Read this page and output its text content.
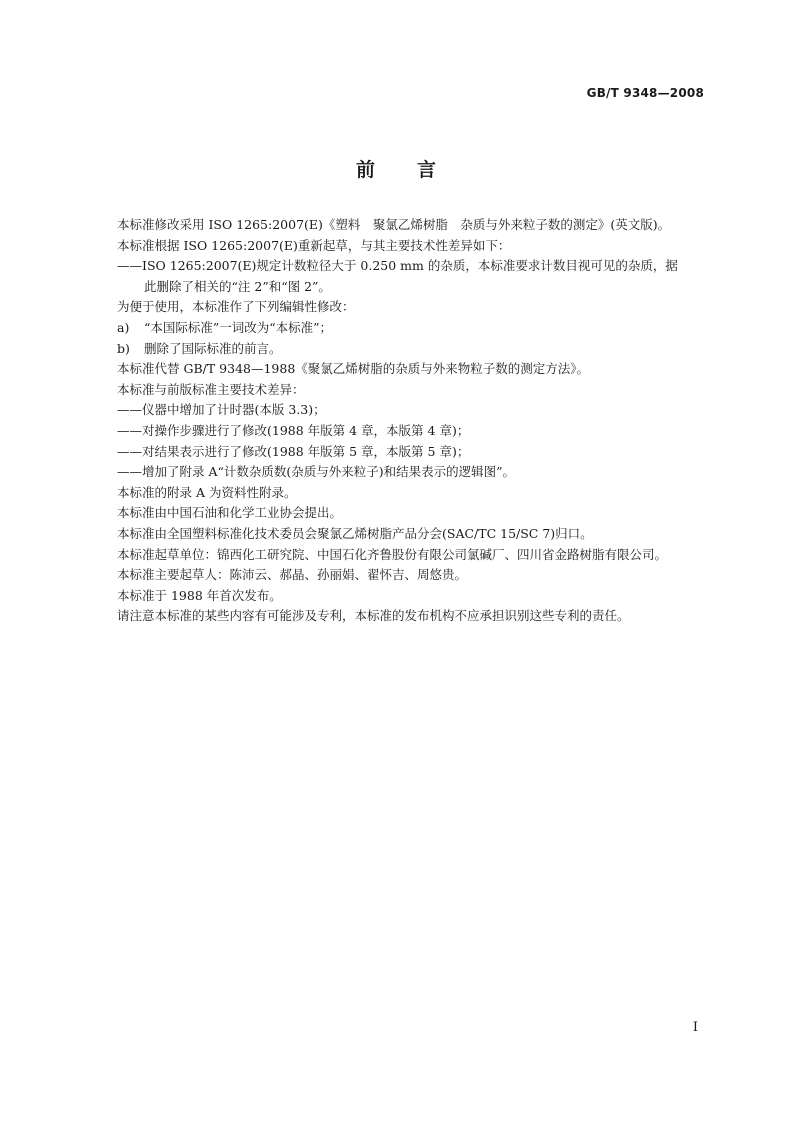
GB/T 9348—2008
前 言
本标准修改采用 ISO 1265:2007(E)《塑料　聚氯乙烯树脂　杂质与外来粒子数的测定》(英文版)。
本标准根据 ISO 1265:2007(E)重新起草，与其主要技术性差异如下：
——ISO 1265:2007(E)规定计数粒径大于 0.250 mm 的杂质，本标准要求计数目视可见的杂质，据
此删除了相关的“注 2”和“图 2”。
为便于使用，本标准作了下列编辑性修改：
a) “本国际标准”一词改为“本标准”；
b) 删除了国际标准的前言。
本标准代替 GB/T 9348—1988《聚氯乙烯树脂的杂质与外来物粒子数的测定方法》。
本标准与前版标准主要技术差异：
——仪器中增加了计时器(本版 3.3)；
——对操作步骤进行了修改(1988 年版第 4 章，本版第 4 章)；
——对结果表示进行了修改(1988 年版第 5 章，本版第 5 章)；
——增加了附录 A“计数杂质数(杂质与外来粒子)和结果表示的逻辑图”。
本标准的附录 A 为资料性附录。
本标准由中国石油和化学工业协会提出。
本标准由全国塑料标准化技术委员会聚氯乙烯树脂产品分会(SAC/TC 15/SC 7)归口。
本标准起草单位：锦西化工研究院、中国石化齐鲁股份有限公司氯碱厂、四川省金路树脂有限公司。
本标准主要起草人：陈沛云、郝晶、孙丽娟、翟怀吉、周悠贵。
本标准于 1988 年首次发布。
请注意本标准的某些内容有可能涉及专利，本标准的发布机构不应承担识别这些专利的责任。
I
